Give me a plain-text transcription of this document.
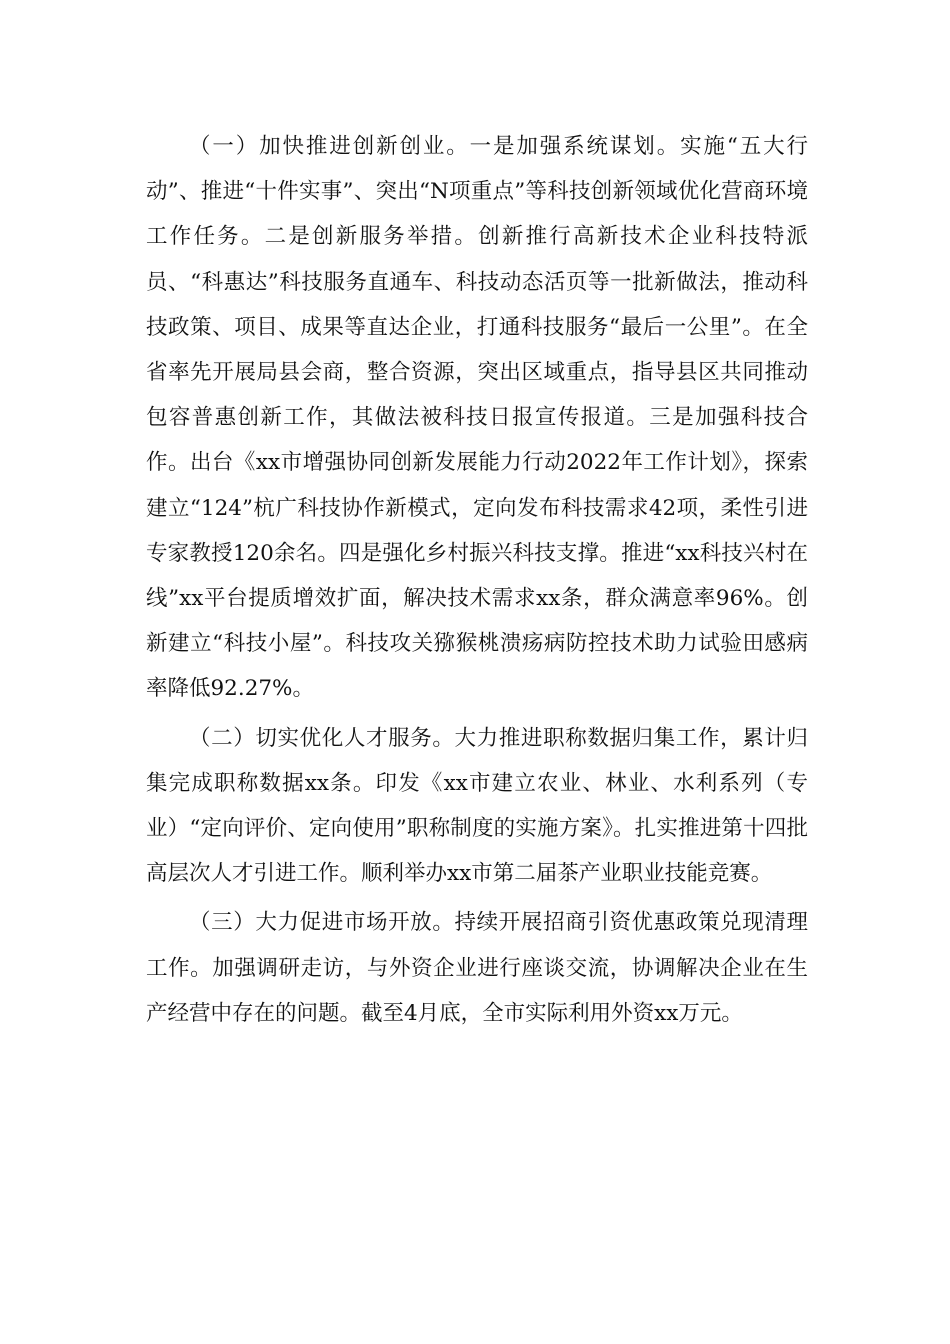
（一）加快推进创新创业。一是加强系统谋划。实施“五大行动”、推进“十件实事”、突出“N项重点”等科技创新领域优化营商环境工作任务。二是创新服务举措。创新推行高新技术企业科技特派员、“科惠达”科技服务直通车、科技动态活页等一批新做法，推动科技政策、项目、成果等直达企业，打通科技服务“最后一公里”。在全省率先开展局县会商，整合资源，突出区域重点，指导县区共同推动包容普惠创新工作，其做法被科技日报宣传报道。三是加强科技合作。出台《xx市增强协同创新发展能力行动2022年工作计划》，探索建立“124”杭广科技协作新模式，定向发布科技需求42项，柔性引进专家教授120余名。四是强化乡村振兴科技支撑。推进“xx科技兴村在线”xx平台提质增效扩面，解决技术需求xx条，群众满意率96%。创新建立“科技小屋”。科技攻关猕猴桃溃疡病防控技术助力试验田感病率降低92.27%。

（二）切实优化人才服务。大力推进职称数据归集工作，累计归集完成职称数据xx条。印发《xx市建立农业、林业、水利系列（专业）“定向评价、定向使用”职称制度的实施方案》。扎实推进第十四批高层次人才引进工作。顺利举办xx市第二届茶产业职业技能竞赛。

（三）大力促进市场开放。持续开展招商引资优惠政策兑现清理工作。加强调研走访，与外资企业进行座谈交流，协调解决企业在生产经营中存在的问题。截至4月底，全市实际利用外资xx万元。
